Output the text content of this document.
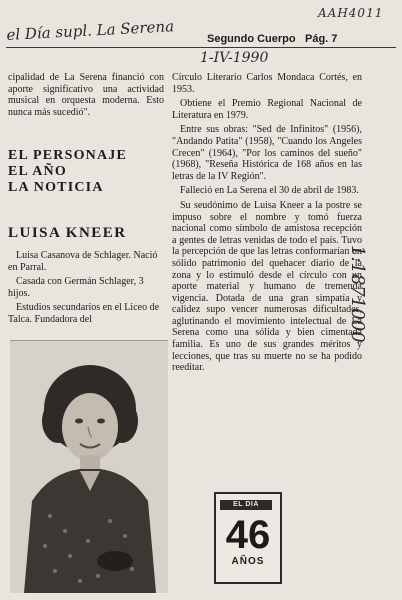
AAH4011
el Día supl. La Serena	Segundo Cuerpo Pág. 7
1-IV-1990

cipalidad de La Serena financió con aporte significativo una actividad musical en orquesta moderna. Esto nunca más sucedió".

EL PERSONAJE
EL AÑO
LA NOTICIA
LUISA KNEER

Luisa Casanova de Schlager. Nació en Parral.

Casada con Germán Schlager, 3 hijos.

Estudios secundarios en el Liceo de Talca. Fundadora del

Círculo Literario Carlos Mondaca Cortés, en 1953.

Obtiene el Premio Regional Nacional de Literatura en 1979.

Entre sus obras: "Sed de Infinitos" (1956), "Andando Patita" (1958), "Cuando los Angeles Crecen" (1964), "Por los caminos del sueño" (1968), "Reseña Histórica de 168 años en las letras de la IV Región".

Falleció en La Serena el 30 de abril de 1983.

Su seudónimo de Luisa Kneer a la postre se impuso sobre el nombre y tomó fuerza nacional como símbolo de amistosa recepción a gentes de letras venidas de todo el país. Tuvo la percepción de que las letras conformarían un sólido patrimonio del quehacer diario de la zona y lo estimuló desde el círculo con un aporte material y humano de tremenda vigencia. Dotada de una gran simpatía y calidez supo vencer numerosas dificultades, aglutinando el movimiento intelectual de La Serena como una sólida y bien cimentada familia. Es uno de sus grandes méritos y lecciones, que tras su muerte no se ha podido reeditar.

1:1871000
EL DIA
46
AÑOS
